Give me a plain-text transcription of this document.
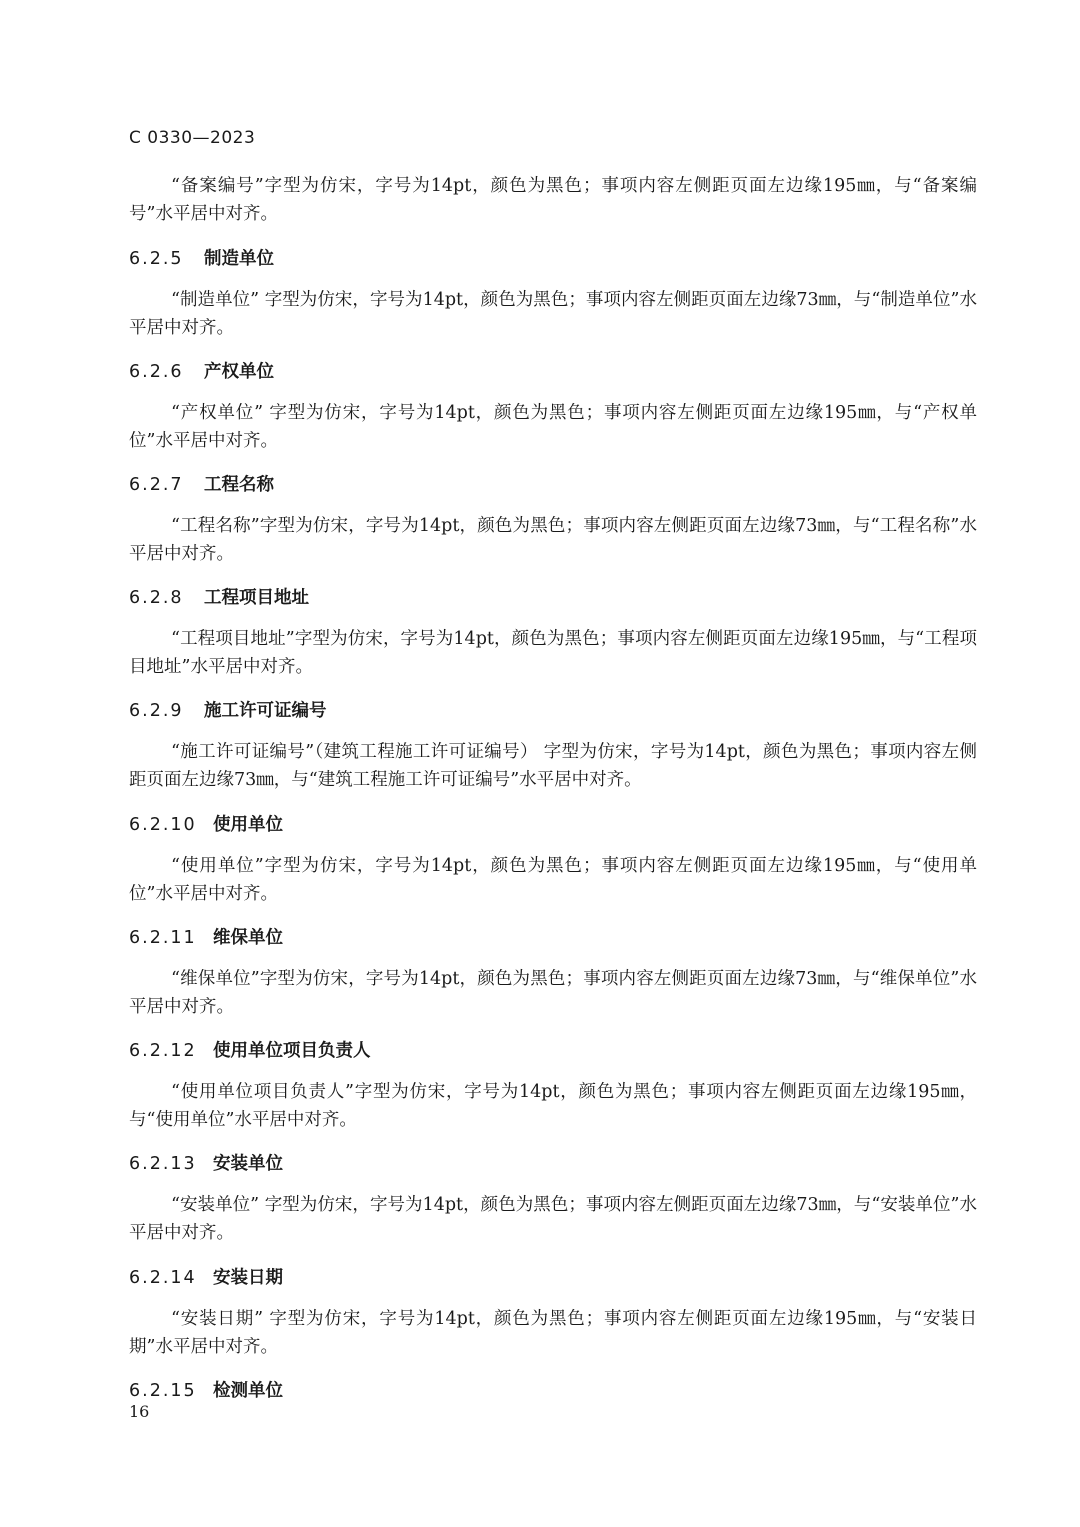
C 0330—2023

“备案编号”字型为仿宋，字号为14pt，颜色为黑色；事项内容左侧距页面左边缘195㎜，与“备案编号”水平居中对齐。

6.2.5 制造单位

“制造单位” 字型为仿宋，字号为14pt，颜色为黑色；事项内容左侧距页面左边缘73㎜，与“制造单位”水平居中对齐。

6.2.6 产权单位

“产权单位” 字型为仿宋，字号为14pt，颜色为黑色；事项内容左侧距页面左边缘195㎜，与“产权单位”水平居中对齐。

6.2.7 工程名称

“工程名称”字型为仿宋，字号为14pt，颜色为黑色；事项内容左侧距页面左边缘73㎜，与“工程名称”水平居中对齐。

6.2.8 工程项目地址

“工程项目地址”字型为仿宋，字号为14pt，颜色为黑色；事项内容左侧距页面左边缘195㎜，与“工程项目地址”水平居中对齐。

6.2.9 施工许可证编号

“施工许可证编号”（建筑工程施工许可证编号） 字型为仿宋，字号为14pt，颜色为黑色；事项内容左侧距页面左边缘73㎜，与“建筑工程施工许可证编号”水平居中对齐。

6.2.10 使用单位

“使用单位”字型为仿宋，字号为14pt，颜色为黑色；事项内容左侧距页面左边缘195㎜，与“使用单位”水平居中对齐。

6.2.11 维保单位

“维保单位”字型为仿宋，字号为14pt，颜色为黑色；事项内容左侧距页面左边缘73㎜，与“维保单位”水平居中对齐。

6.2.12 使用单位项目负责人

“使用单位项目负责人”字型为仿宋，字号为14pt，颜色为黑色；事项内容左侧距页面左边缘195㎜，与“使用单位”水平居中对齐。

6.2.13 安装单位

“安装单位” 字型为仿宋，字号为14pt，颜色为黑色；事项内容左侧距页面左边缘73㎜，与“安装单位”水平居中对齐。

6.2.14 安装日期

“安装日期” 字型为仿宋，字号为14pt，颜色为黑色；事项内容左侧距页面左边缘195㎜，与“安装日期”水平居中对齐。

6.2.15 检测单位
16
